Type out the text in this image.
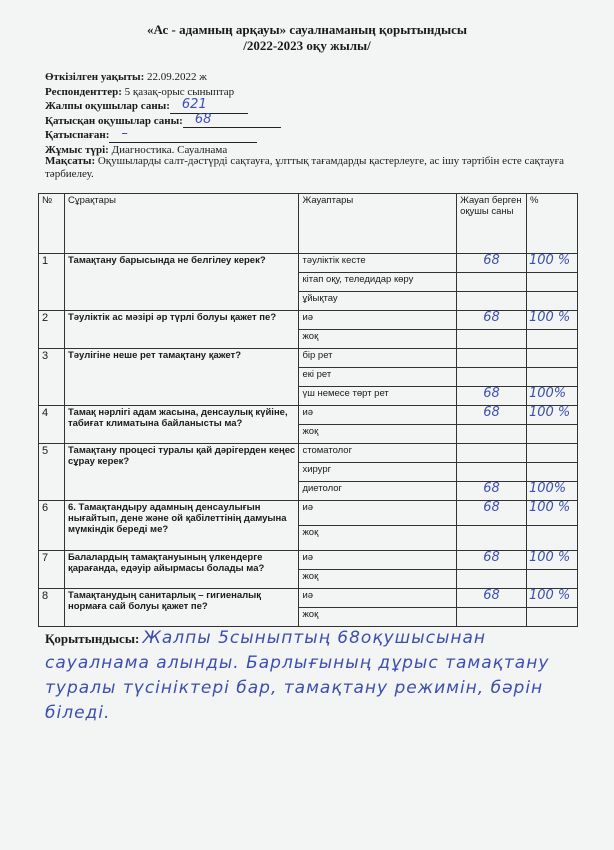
«Ас - адамның арқауы» сауалнаманың қорытындысы
/2022-2023 оқу жылы/
Өткізілген уақыты: 22.09.2022 ж
Респонденттер: 5 қазақ-орыс сыныптар
Жалпы оқушылар саны: 621
Қатысқан оқушылар саны: 68
Қатыспаған: –
Жұмыс түрі: Диагностика. Сауалнама
Мақсаты: Оқушыларды салт-дәстүрді сақтауға, ұлттық тағамдарды қастерлеуге, ас ішу тәртібін есте сақтауға тәрбиелеу.
№	Сұрақтары	Жауаптары	Жауап берген оқушы саны	%
1	Тамақтану барысында не белгілеу керек?	тәуліктік кесте	68	100 %
		кітап оқу, теледидар көру		
		ұйықтау		
2	Тәуліктік ас мәзірі әр түрлі болуы қажет пе?	иә	68	100 %
		жоқ		
3	Тәулігіне неше рет тамақтану қажет?	бір рет		
		екі рет		
		үш немесе төрт рет	68	100%
4	Тамақ нәрлігі адам жасына, денсаулық күйіне, табиғат климатына байланысты ма?	иә	68	100 %
		жоқ		
5	Тамақтану процесі туралы қай дәрігерден кеңес сұрау керек?	стоматолог		
		хирург		
		диетолог	68	100%
6	6. Тамақтандыру адамның денсаулығын нығайтып, дене және ой қабілеттінің дамуына мүмкіндік береді ме?	иә	68	100 %
		жоқ		
7	Балалардың тамақтануының үлкендерге қарағанда, едәуір айырмасы болады ма?	иә	68	100 %
		жоқ		
8	Тамақтанудың санитарлық – гигиеналық нормаға сай болуы қажет пе?	иә	68	100 %
		жоқ		
Қорытындысы: Жалпы 5сыныптың 68оқушысынан сауалнама алынды. Барлығының дұрыс тамақтану туралы түсініктері бар, тамақтану режимін, бәрін біледі.
